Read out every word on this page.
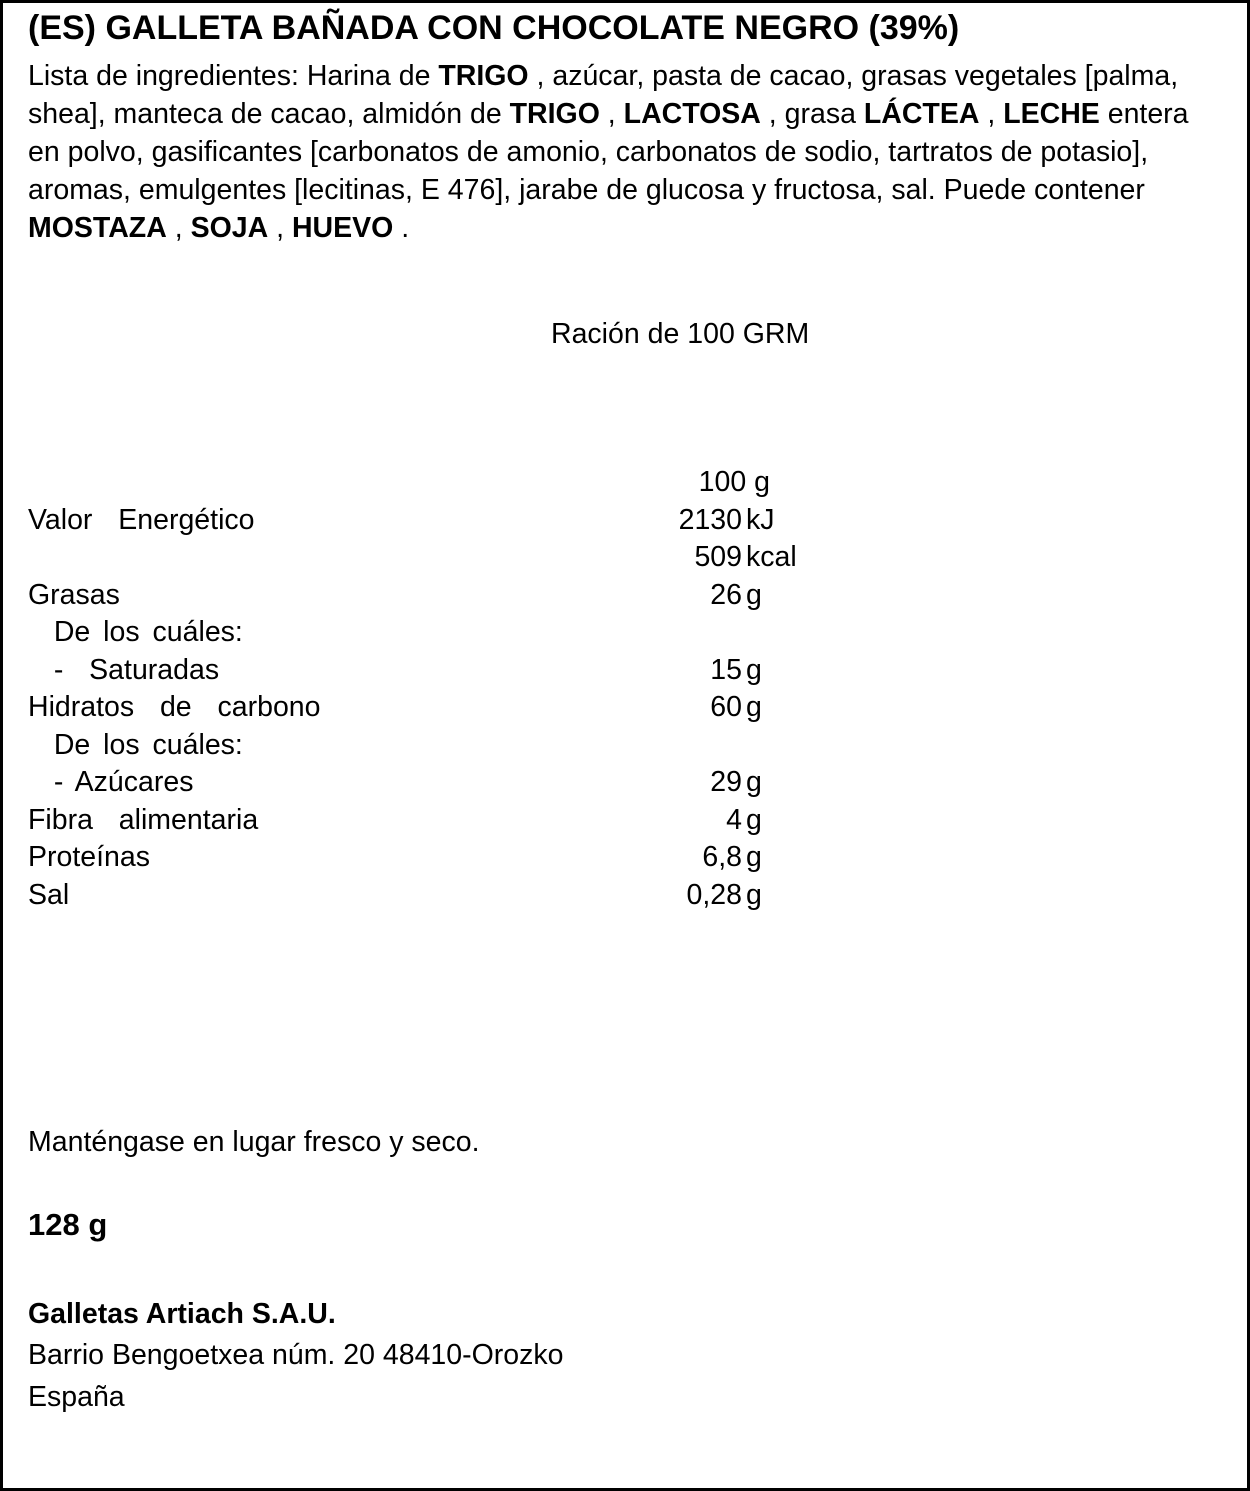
(ES) GALLETA BAÑADA CON CHOCOLATE NEGRO (39%)
Lista de ingredientes: Harina de TRIGO , azúcar, pasta de cacao, grasas vegetales [palma, shea], manteca de cacao, almidón de TRIGO , LACTOSA , grasa LÁCTEA , LECHE entera en polvo, gasificantes [carbonatos de amonio, carbonatos de sodio, tartratos de potasio], aromas, emulgentes [lecitinas, E 476], jarabe de glucosa y fructosa, sal. Puede contener MOSTAZA , SOJA , HUEVO .
Ración de 100 GRM
100 g
Valor  Energético	2130 kJ
509 kcal
Grasas	26 g
De los cuáles:
-  Saturadas	15 g
Hidratos  de  carbono	60 g
De los cuáles:
- Azúcares	29 g
Fibra  alimentaria	4 g
Proteínas	6,8 g
Sal	0,28 g
Manténgase en lugar fresco y seco.
128 g
Galletas Artiach S.A.U.
Barrio Bengoetxea núm. 20 48410-Orozko
España
